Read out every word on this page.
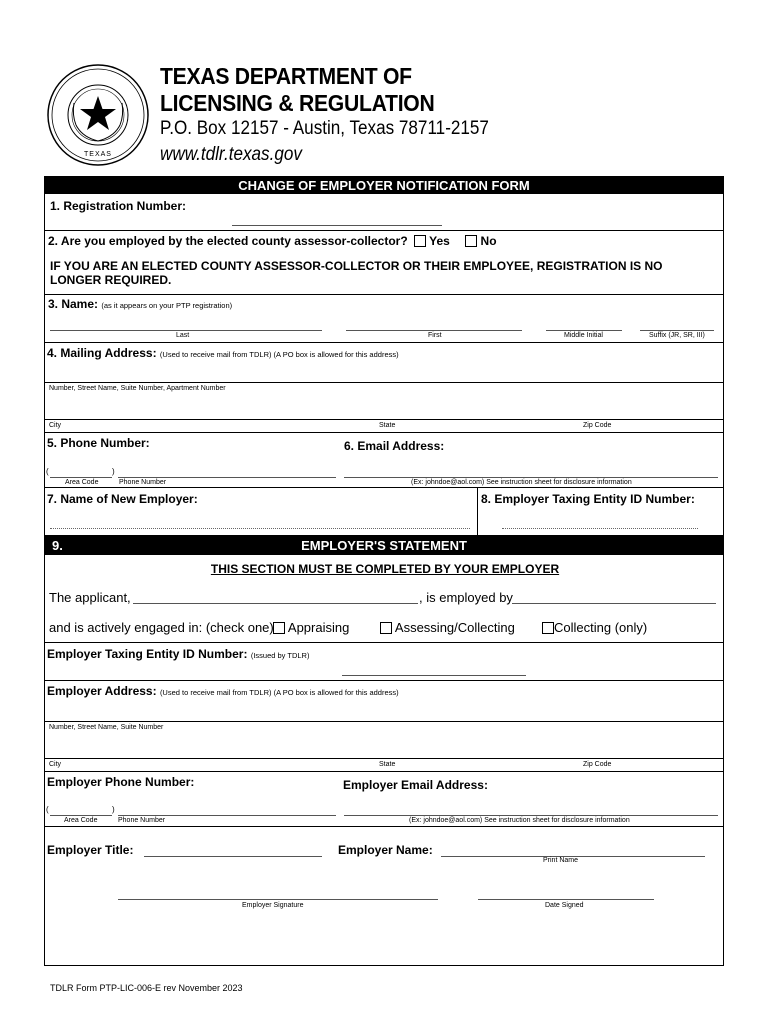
TEXAS
TEXAS DEPARTMENT OF
LICENSING & REGULATION
P.O. Box 12157 - Austin, Texas 78711-2157
www.tdlr.texas.gov
CHANGE OF EMPLOYER NOTIFICATION FORM
1. Registration Number:
2. Are you employed by the elected county assessor-collector? Yes	No
IF YOU ARE AN ELECTED COUNTY ASSESSOR-COLLECTOR OR THEIR EMPLOYEE, REGISTRATION IS NO LONGER REQUIRED.
3. Name: (as it appears on your PTP registration)
Last	First	Middle Initial	Suffix (JR, SR, III)
4. Mailing Address: (Used to receive mail from TDLR) (A PO box is allowed for this address)
Number, Street Name, Suite Number, Apartment Number
City	State	Zip Code
5. Phone Number:	6. Email Address:
(	)
Area Code	Phone Number	(Ex: johndoe@aol.com) See instruction sheet for disclosure information
7. Name of New Employer:	8. Employer Taxing Entity ID Number:
9.	EMPLOYER'S STATEMENT
THIS SECTION MUST BE COMPLETED BY YOUR EMPLOYER
The applicant,	, is employed by
and is actively engaged in: (check one)	Appraising	Assessing/Collecting	Collecting (only)
Employer Taxing Entity ID Number: (Issued by TDLR)
Employer Address: (Used to receive mail from TDLR) (A PO box is allowed for this address)
Number, Street Name, Suite Number
City	State	Zip Code
Employer Phone Number:	Employer Email Address:
(	)
Area Code	Phone Number	(Ex: johndoe@aol.com) See instruction sheet for disclosure information
Employer Title:	Employer Name:
Print Name
Employer Signature	Date Signed
TDLR Form PTP-LIC-006-E rev November 2023
